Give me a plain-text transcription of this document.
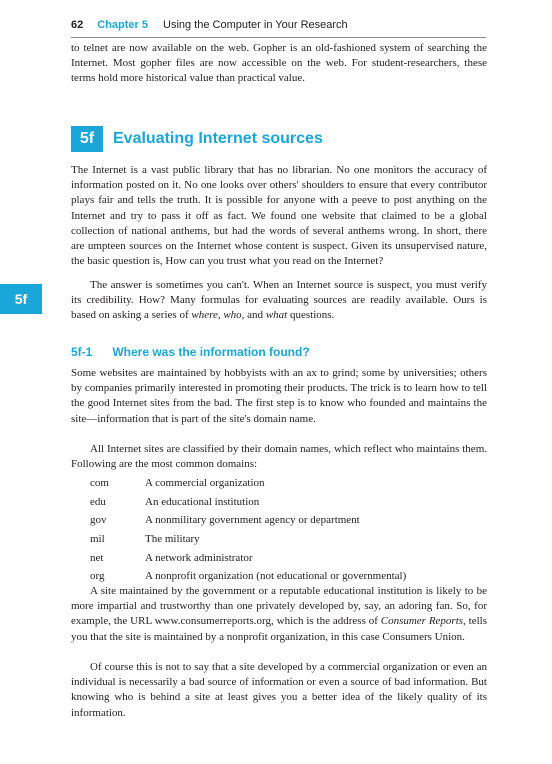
62 Chapter 5 Using the Computer in Your Research

to telnet are now available on the web. Gopher is an old-fashioned system of searching the Internet. Most gopher files are now accessible on the web. For student-researchers, these terms hold more historical value than practical value.

5f	Evaluating Internet sources

The Internet is a vast public library that has no librarian. No one monitors the accuracy of information posted on it. No one looks over others' shoulders to ensure that every contributor plays fair and tells the truth. It is possible for anyone with a peeve to post anything on the Internet and try to pass it off as fact. We found one website that claimed to be a global collection of national anthems, but had the words of several anthems wrong. In short, there are umpteen sources on the Internet whose content is suspect. Given its unsupervised nature, the basic question is, How can you trust what you read on the Internet?

The answer is sometimes you can't. When an Internet source is suspect, you must verify its credibility. How? Many formulas for evaluating sources are readily available. Ours is based on asking a series of where, who, and what questions.

5f
5f-1 Where was the information found?

Some websites are maintained by hobbyists with an ax to grind; some by universities; others by companies primarily interested in promoting their products. The trick is to learn how to tell the good Internet sites from the bad. The first step is to know who founded and maintains the site—information that is part of the site's domain name.

All Internet sites are classified by their domain names, which reflect who maintains them. Following are the most common domains:

com	A commercial organization
edu	An educational institution
gov	A nonmilitary government agency or department
mil	The military
net	A network administrator
org	A nonprofit organization (not educational or governmental)

A site maintained by the government or a reputable educational institution is likely to be more impartial and trustworthy than one privately developed by, say, an adoring fan. So, for example, the URL www.consumerreports.org, which is the address of Consumer Reports, tells you that the site is maintained by a nonprofit organization, in this case Consumers Union.

Of course this is not to say that a site developed by a commercial organization or even an individual is necessarily a bad source of information or even a source of bad information. But knowing who is behind a site at least gives you a better idea of the likely quality of its information.
